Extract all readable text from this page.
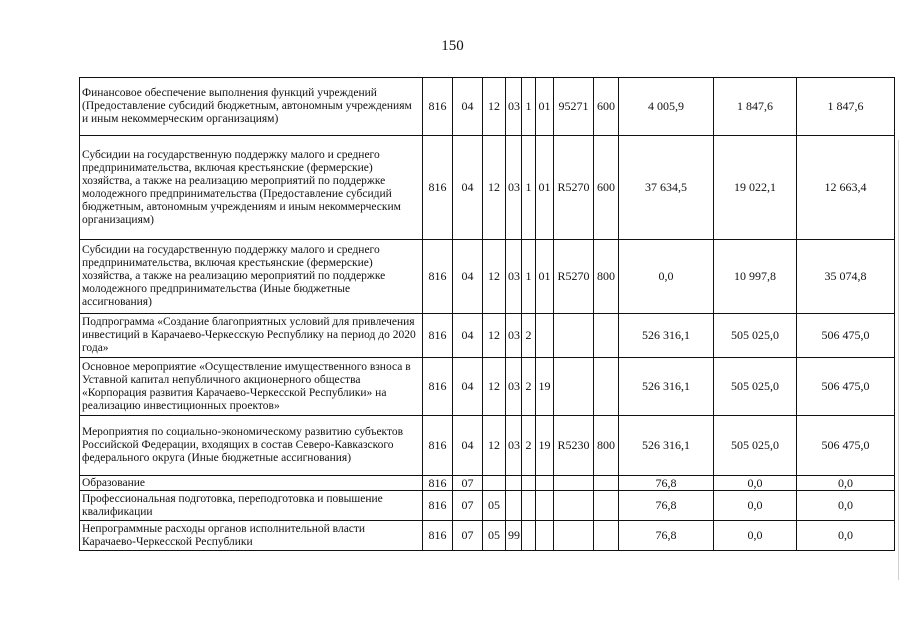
150
Финансовое обеспечение выполнения функций учреждений (Предоставление субсидий бюджетным, автономным учреждениям и иным некоммерческим организациям)	816	04	12	03	1	01	95271	600	4 005,9	1 847,6	1 847,6
Субсидии на государственную поддержку малого и среднего предпринимательства, включая крестьянские (фермерские) хозяйства, а также на реализацию мероприятий по поддержке молодежного предпринимательства (Предоставление субсидий бюджетным, автономным учреждениям и иным некоммерческим организациям)	816	04	12	03	1	01	R5270	600	37 634,5	19 022,1	12 663,4
Субсидии на государственную поддержку малого и среднего предпринимательства, включая крестьянские (фермерские) хозяйства, а также на реализацию мероприятий по поддержке молодежного предпринимательства (Иные бюджетные ассигнования)	816	04	12	03	1	01	R5270	800	0,0	10 997,8	35 074,8
Подпрограмма «Создание благоприятных условий для привлечения инвестиций в Карачаево-Черкесскую Республику на период до 2020 года»	816	04	12	03	2				526 316,1	505 025,0	506 475,0
Основное мероприятие «Осуществление имущественного взноса в Уставной капитал непубличного акционерного общества «Корпорация развития Карачаево-Черкесской Республики» на реализацию инвестиционных проектов»	816	04	12	03	2	19			526 316,1	505 025,0	506 475,0
Мероприятия по социально-экономическому развитию субъектов Российской Федерации, входящих в состав Северо-Кавказского федерального округа (Иные бюджетные ассигнования)	816	04	12	03	2	19	R5230	800	526 316,1	505 025,0	506 475,0
Образование	816	07							76,8	0,0	0,0
Профессиональная подготовка, переподготовка и повышение квалификации	816	07	05						76,8	0,0	0,0
Непрограммные расходы органов исполнительной власти Карачаево-Черкесской Республики	816	07	05	99					76,8	0,0	0,0
